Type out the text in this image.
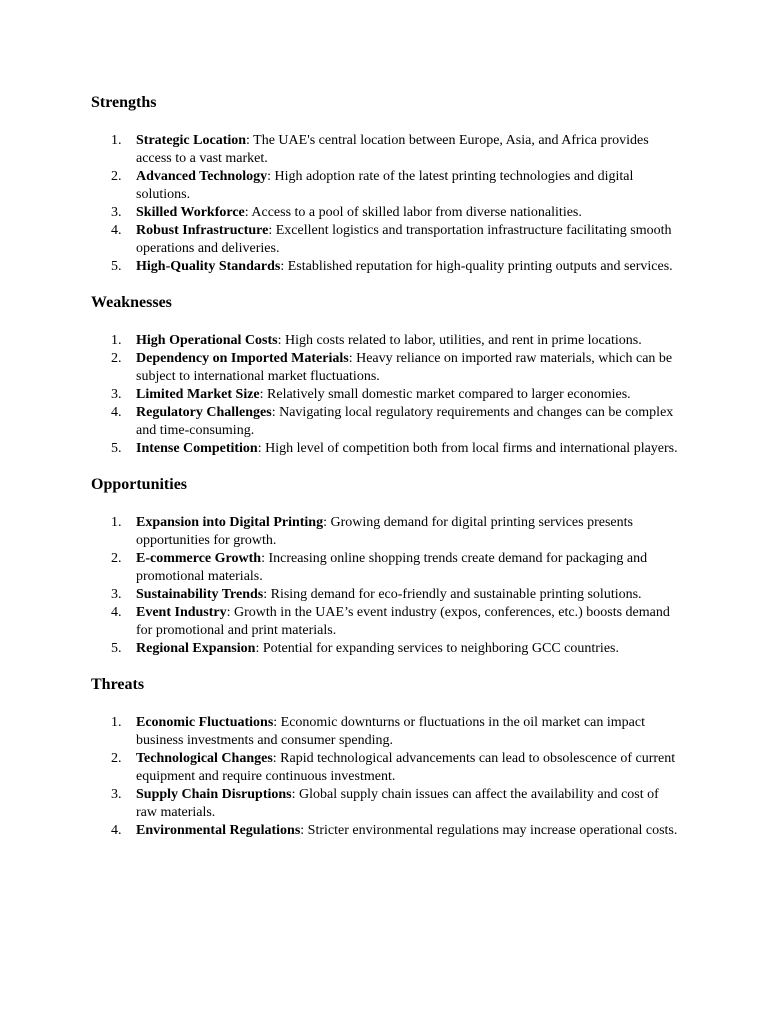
Strengths
1. Strategic Location: The UAE's central location between Europe, Asia, and Africa provides access to a vast market.
2. Advanced Technology: High adoption rate of the latest printing technologies and digital solutions.
3. Skilled Workforce: Access to a pool of skilled labor from diverse nationalities.
4. Robust Infrastructure: Excellent logistics and transportation infrastructure facilitating smooth operations and deliveries.
5. High-Quality Standards: Established reputation for high-quality printing outputs and services.
Weaknesses
1. High Operational Costs: High costs related to labor, utilities, and rent in prime locations.
2. Dependency on Imported Materials: Heavy reliance on imported raw materials, which can be subject to international market fluctuations.
3. Limited Market Size: Relatively small domestic market compared to larger economies.
4. Regulatory Challenges: Navigating local regulatory requirements and changes can be complex and time-consuming.
5. Intense Competition: High level of competition both from local firms and international players.
Opportunities
1. Expansion into Digital Printing: Growing demand for digital printing services presents opportunities for growth.
2. E-commerce Growth: Increasing online shopping trends create demand for packaging and promotional materials.
3. Sustainability Trends: Rising demand for eco-friendly and sustainable printing solutions.
4. Event Industry: Growth in the UAE’s event industry (expos, conferences, etc.) boosts demand for promotional and print materials.
5. Regional Expansion: Potential for expanding services to neighboring GCC countries.
Threats
1. Economic Fluctuations: Economic downturns or fluctuations in the oil market can impact business investments and consumer spending.
2. Technological Changes: Rapid technological advancements can lead to obsolescence of current equipment and require continuous investment.
3. Supply Chain Disruptions: Global supply chain issues can affect the availability and cost of raw materials.
4. Environmental Regulations: Stricter environmental regulations may increase operational costs.
